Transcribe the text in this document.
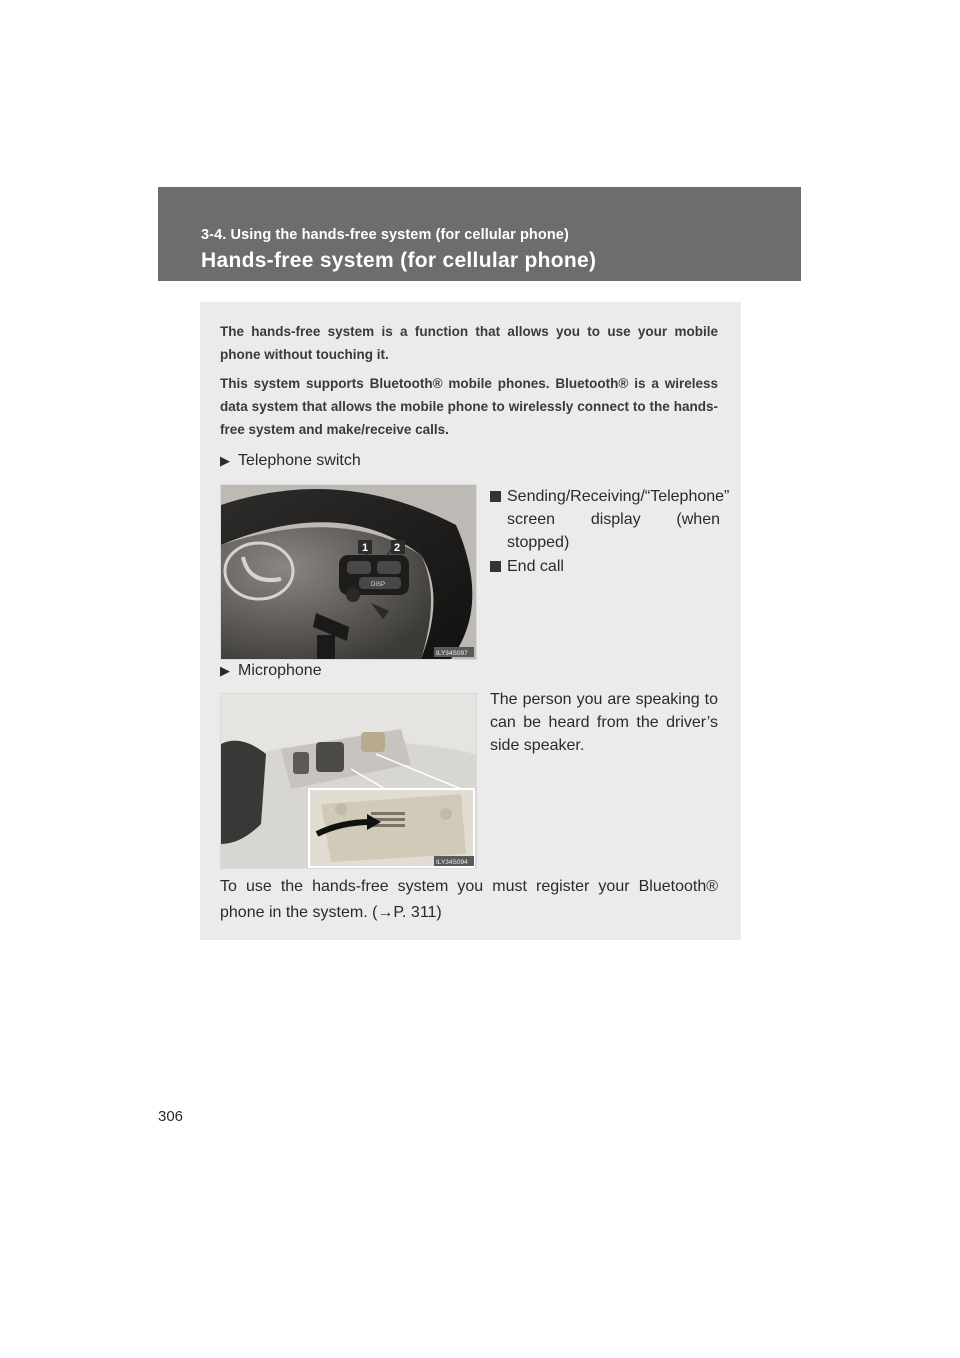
3-4. Using the hands-free system (for cellular phone)
Hands-free system (for cellular phone)

The hands-free system is a function that allows you to use your mobile phone without touching it.

This system supports Bluetooth® mobile phones. Bluetooth® is a wireless data system that allows the mobile phone to wirelessly connect to the hands-free system and make/receive calls.

▶ Telephone switch
DISP
1 2
ILY34S097
Sending/Receiving/“Telephone” screen display (when stopped)
End call
▶ Microphone
ILY34S094
The person you are speaking to can be heard from the driver’s side speaker.
To use the hands-free system you must register your Bluetooth® phone in the system. (→P. 311)
306
